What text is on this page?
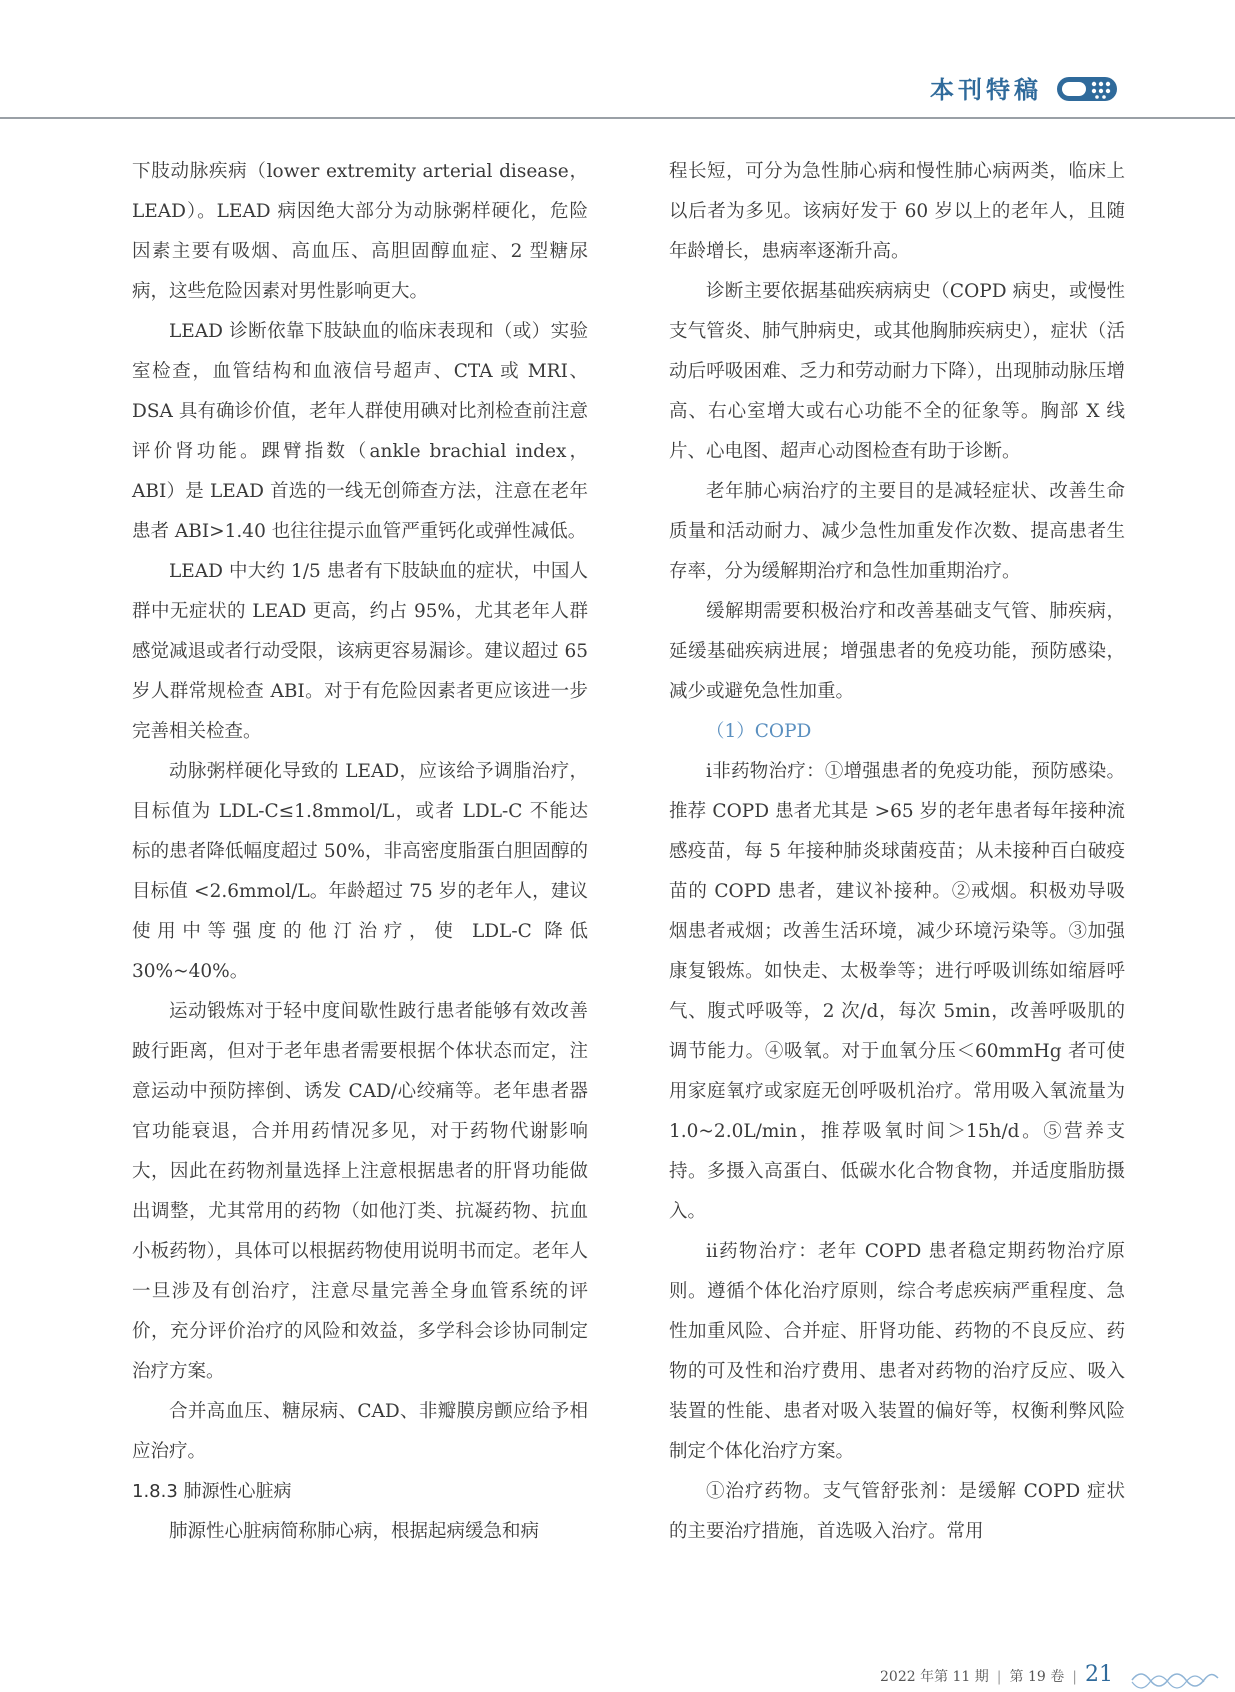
本刊特稿

下肢动脉疾病（lower extremity arterial disease，LEAD）。LEAD 病因绝大部分为动脉粥样硬化，危险因素主要有吸烟、高血压、高胆固醇血症、2 型糖尿病，这些危险因素对男性影响更大。

LEAD 诊断依靠下肢缺血的临床表现和（或）实验室检查，血管结构和血液信号超声、CTA 或 MRI、DSA 具有确诊价值，老年人群使用碘对比剂检查前注意评价肾功能。踝臂指数（ankle brachial index，ABI）是 LEAD 首选的一线无创筛查方法，注意在老年患者 ABI>1.40 也往往提示血管严重钙化或弹性减低。

LEAD 中大约 1/5 患者有下肢缺血的症状，中国人群中无症状的 LEAD 更高，约占 95%，尤其老年人群感觉减退或者行动受限，该病更容易漏诊。建议超过 65 岁人群常规检查 ABI。对于有危险因素者更应该进一步完善相关检查。

动脉粥样硬化导致的 LEAD，应该给予调脂治疗，目标值为 LDL-C≤1.8mmol/L，或者 LDL-C 不能达标的患者降低幅度超过 50%，非高密度脂蛋白胆固醇的目标值 <2.6mmol/L。年龄超过 75 岁的老年人，建议使用中等强度的他汀治疗，使 LDL-C 降低 30%~40%。

运动锻炼对于轻中度间歇性跛行患者能够有效改善跛行距离，但对于老年患者需要根据个体状态而定，注意运动中预防摔倒、诱发 CAD/心绞痛等。老年患者器官功能衰退，合并用药情况多见，对于药物代谢影响大，因此在药物剂量选择上注意根据患者的肝肾功能做出调整，尤其常用的药物（如他汀类、抗凝药物、抗血小板药物），具体可以根据药物使用说明书而定。老年人一旦涉及有创治疗，注意尽量完善全身血管系统的评价，充分评价治疗的风险和效益，多学科会诊协同制定治疗方案。

合并高血压、糖尿病、CAD、非瓣膜房颤应给予相应治疗。

1.8.3 肺源性心脏病

肺源性心脏病简称肺心病，根据起病缓急和病

程长短，可分为急性肺心病和慢性肺心病两类，临床上以后者为多见。该病好发于 60 岁以上的老年人，且随年龄增长，患病率逐渐升高。

诊断主要依据基础疾病病史（COPD 病史，或慢性支气管炎、肺气肿病史，或其他胸肺疾病史），症状（活动后呼吸困难、乏力和劳动耐力下降），出现肺动脉压增高、右心室增大或右心功能不全的征象等。胸部 X 线片、心电图、超声心动图检查有助于诊断。

老年肺心病治疗的主要目的是减轻症状、改善生命质量和活动耐力、减少急性加重发作次数、提高患者生存率，分为缓解期治疗和急性加重期治疗。

缓解期需要积极治疗和改善基础支气管、肺疾病，延缓基础疾病进展；增强患者的免疫功能，预防感染，减少或避免急性加重。

（1）COPD

ⅰ非药物治疗：①增强患者的免疫功能，预防感染。推荐 COPD 患者尤其是 >65 岁的老年患者每年接种流感疫苗，每 5 年接种肺炎球菌疫苗；从未接种百白破疫苗的 COPD 患者，建议补接种。②戒烟。积极劝导吸烟患者戒烟；改善生活环境，减少环境污染等。③加强康复锻炼。如快走、太极拳等；进行呼吸训练如缩唇呼气、腹式呼吸等，2 次/d，每次 5min，改善呼吸肌的调节能力。④吸氧。对于血氧分压＜60mmHg 者可使用家庭氧疗或家庭无创呼吸机治疗。常用吸入氧流量为 1.0~2.0L/min，推荐吸氧时间＞15h/d。⑤营养支持。多摄入高蛋白、低碳水化合物食物，并适度脂肪摄入。

ⅱ药物治疗：老年 COPD 患者稳定期药物治疗原则。遵循个体化治疗原则，综合考虑疾病严重程度、急性加重风险、合并症、肝肾功能、药物的不良反应、药物的可及性和治疗费用、患者对药物的治疗反应、吸入装置的性能、患者对吸入装置的偏好等，权衡利弊风险制定个体化治疗方案。

①治疗药物。支气管舒张剂：是缓解 COPD 症状的主要治疗措施，首选吸入治疗。常用

2022 年第 11 期 | 第 19 卷 | 21
